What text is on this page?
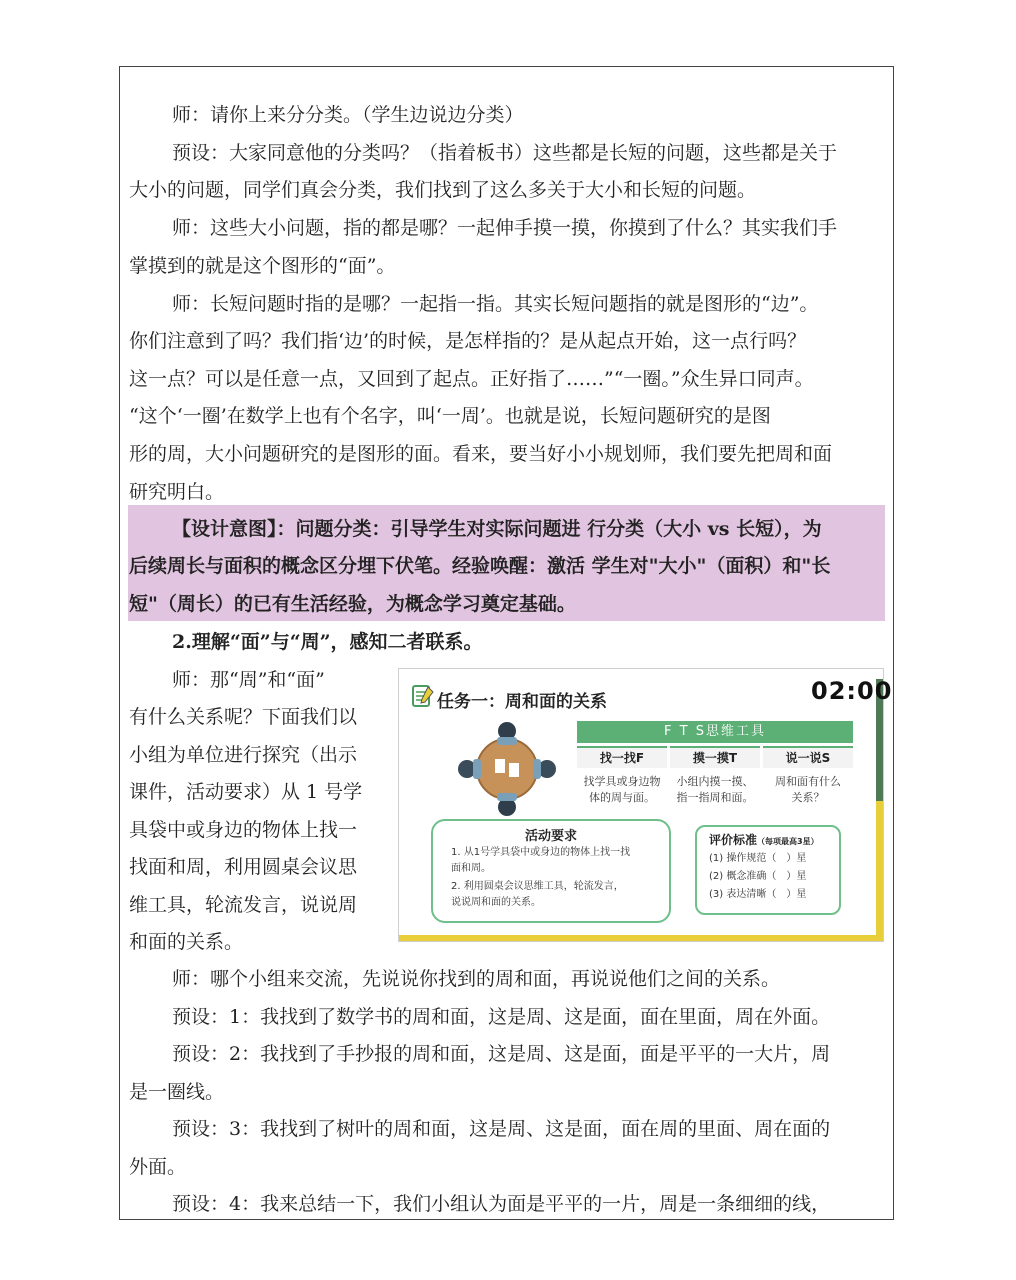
师：请你上来分分类。（学生边说边分类）
预设：大家同意他的分类吗？（指着板书）这些都是长短的问题，这些都是关于
大小的问题，同学们真会分类，我们找到了这么多关于大小和长短的问题。
师：这些大小问题，指的都是哪？一起伸手摸一摸，你摸到了什么？其实我们手
掌摸到的就是这个图形的“面”。
师：长短问题时指的是哪？一起指一指。其实长短问题指的就是图形的“边”。
你们注意到了吗？我们指‘边’的时候，是怎样指的？是从起点开始，这一点行吗？
这一点？可以是任意一点，又回到了起点。正好指了……”“一圈。”众生异口同声。
“这个‘一圈’在数学上也有个名字，叫‘一周’。也就是说，长短问题研究的是图
形的周，大小问题研究的是图形的面。看来，要当好小小规划师，我们要先把周和面
研究明白。
【设计意图】：问题分类：引导学生对实际问题进 行分类（大小 vs 长短），为
后续周长与面积的概念区分埋下伏笔。经验唤醒：激活 学生对"大小"（面积）和"长
短"（周长）的已有生活经验，为概念学习奠定基础。
2.理解“面”与“周”，感知二者联系。
师：那“周”和“面”
有什么关系呢？下面我们以
小组为单位进行探究（出示
课件，活动要求）从 1 号学
具袋中或身边的物体上找一
找面和周，利用圆桌会议思
维工具，轮流发言，说说周
和面的关系。
任务一：周和面的关系	02:00
F T S思维工具
找一找F
找学具或身边物
体的周与面。
摸一摸T
小组内摸一摸、
指一指周和面。
说一说S
周和面有什么
关系？
活动要求
1. 从1号学具袋中或身边的物体上找一找
面和周。
2. 利用圆桌会议思维工具，轮流发言，
说说周和面的关系。
评价标准（每项最高3星）
(1) 操作规范（　）星
(2) 概念准确（　）星
(3) 表达清晰（　）星
师：哪个小组来交流，先说说你找到的周和面，再说说他们之间的关系。
预设：1：我找到了数学书的周和面，这是周、这是面，面在里面，周在外面。
预设：2：我找到了手抄报的周和面，这是周、这是面，面是平平的一大片，周
是一圈线。
预设：3：我找到了树叶的周和面，这是周、这是面，面在周的里面、周在面的
外面。
预设：4：我来总结一下，我们小组认为面是平平的一片，周是一条细细的线，
